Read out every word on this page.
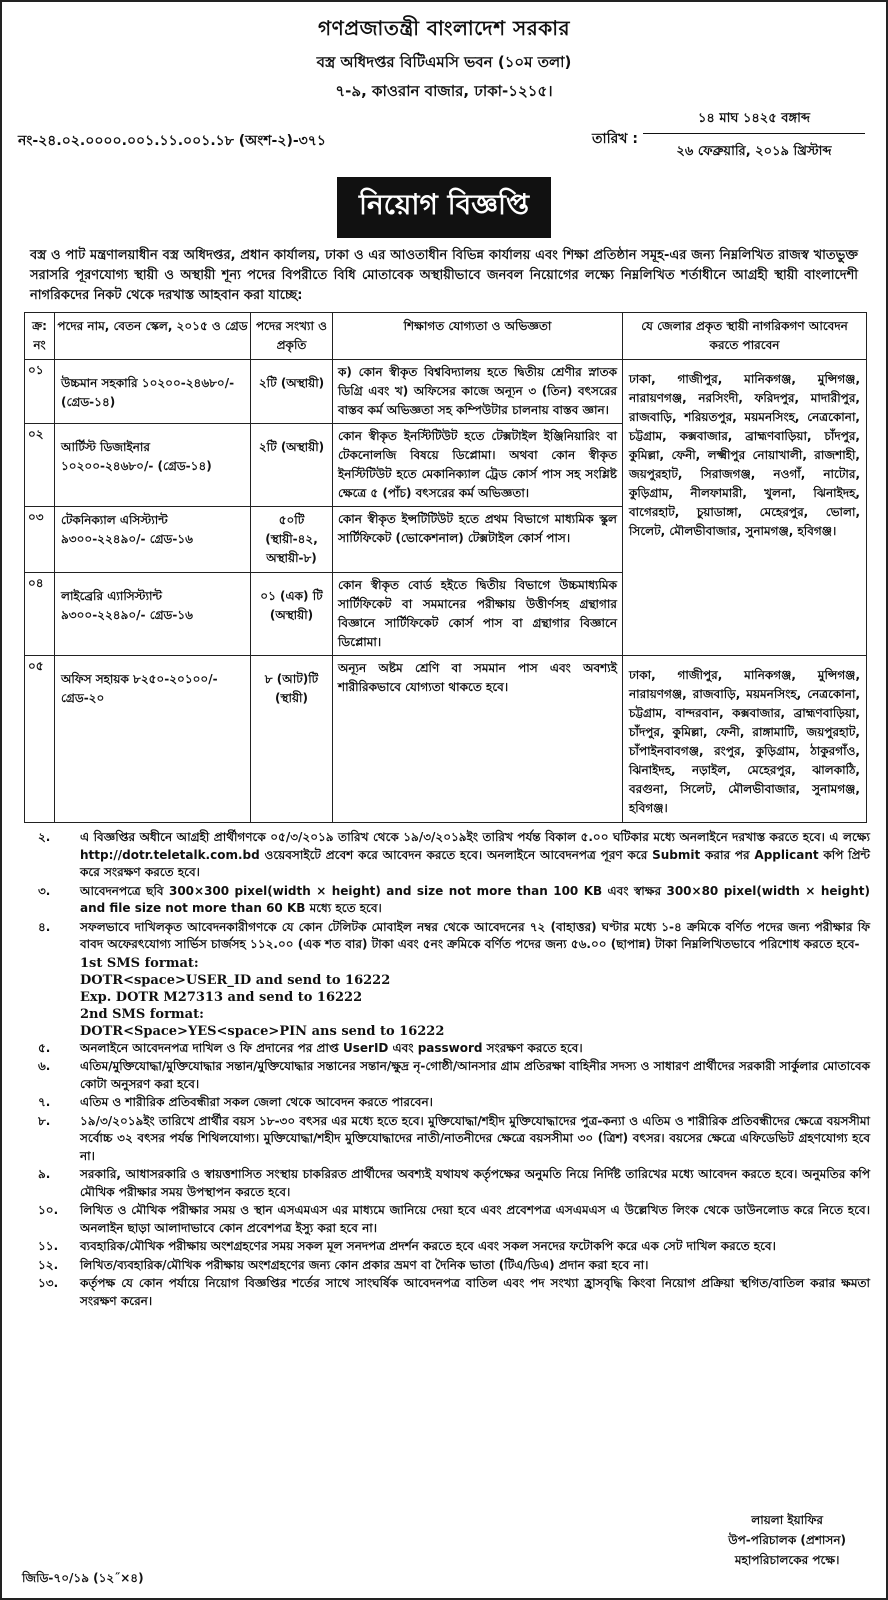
গণপ্রজাতন্ত্রী বাংলাদেশ সরকার
বস্ত্র অধিদপ্তর বিটিএমসি ভবন (১০ম তলা)
৭-৯, কাওরান বাজার, ঢাকা-১২১৫।
নং-২৪.০২.০০০০.০০১.১১.০০১.১৮ (অংশ-২)-৩৭১	তারিখ :
১৪ মাঘ ১৪২৫ বঙ্গাব্দ
২৬ ফেব্রুয়ারি, ২০১৯ খ্রিস্টাব্দ
নিয়োগ বিজ্ঞপ্তি
বস্ত্র ও পাট মন্ত্রণালয়াধীন বস্ত্র অধিদপ্তর, প্রধান কার্যালয়, ঢাকা ও এর আওতাধীন বিভিন্ন কার্যালয় এবং শিক্ষা প্রতিষ্ঠান সমূহ-এর জন্য নিম্নলিখিত রাজস্ব খাতভুক্ত সরাসরি পূরণযোগ্য স্থায়ী ও অস্থায়ী শূন্য পদের বিপরীতে বিধি মোতাবেক অস্থায়ীভাবে জনবল নিয়োগের লক্ষ্যে নিম্নলিখিত শর্তাধীনে আগ্রহী স্থায়ী বাংলাদেশী নাগরিকদের নিকট থেকে দরখাস্ত আহবান করা যাচ্ছে:
ক্র: নং	পদের নাম, বেতন স্কেল, ২০১৫ ও গ্রেড	পদের সংখ্যা ও প্রকৃতি	শিক্ষাগত যোগ্যতা ও অভিজ্ঞতা	যে জেলার প্রকৃত স্থায়ী নাগরিকগণ আবেদন করতে পারবেন
০১	উচ্চমান সহকারি ১০২০০-২৪৬৮০/- (গ্রেড-১৪)	২টি (অস্থায়ী)	ক) কোন স্বীকৃত বিশ্ববিদ্যালয় হতে দ্বিতীয় শ্রেণীর স্নাতক ডিগ্রি এবং খ) অফিসের কাজে অন্যূন ৩ (তিন) বৎসরের বাস্তব কর্ম অভিজ্ঞতা সহ কম্পিউটার চালনায় বাস্তব জ্ঞান।	ঢাকা, গাজীপুর, মানিকগঞ্জ, মুন্সিগঞ্জ, নারায়ণগঞ্জ, নরসিংদী, ফরিদপুর, মাদারীপুর, রাজবাড়ি, শরিয়তপুর, ময়মনসিংহ, নেত্রকোনা, চট্টগ্রাম, কক্সবাজার, ব্রাহ্মণবাড়িয়া, চাঁদপুর, কুমিল্লা, ফেনী, লক্ষ্মীপুর নোয়াখালী, রাজশাহী, জয়পুরহাট, সিরাজগঞ্জ, নওগাঁ, নাটোর, কুড়িগ্রাম, নীলফামারী, খুলনা, ঝিনাইদহ, বাগেরহাট, চুয়াডাঙ্গা, মেহেরপুর, ভোলা, সিলেট, মৌলভীবাজার, সুনামগঞ্জ, হবিগঞ্জ।
০২	আর্টিস্ট ডিজাইনার ১০২০০-২৪৬৮০/- (গ্রেড-১৪)	২টি (অস্থায়ী)	কোন স্বীকৃত ইনস্টিটিউট হতে টেক্সটাইল ইঞ্জিনিয়ারিং বা টেকনোলজি বিষয়ে ডিপ্লোমা। অথবা কোন স্বীকৃত ইনস্টিটিউট হতে মেকানিক্যাল ট্রেড কোর্স পাস সহ সংশ্লিষ্ট ক্ষেত্রে ৫ (পাঁচ) বৎসরের কর্ম অভিজ্ঞতা।	
০৩	টেকনিক্যাল এসিস্ট্যান্ট ৯৩০০-২২৪৯০/- গ্রেড-১৬	৫০টি (স্থায়ী-৪২, অস্থায়ী-৮)	কোন স্বীকৃত ইন্সটিটিউট হতে প্রথম বিভাগে মাধ্যমিক স্কুল সার্টিফিকেট (ভোকেশনাল) টেক্সটাইল কোর্স পাস।	
০৪	লাইব্রেরি এ্যাসিস্ট্যান্ট ৯৩০০-২২৪৯০/- গ্রেড-১৬	০১ (এক) টি (অস্থায়ী)	কোন স্বীকৃত বোর্ড হইতে দ্বিতীয় বিভাগে উচ্চমাধ্যমিক সার্টিফিকেট বা সমমানের পরীক্ষায় উত্তীর্ণসহ গ্রন্থাগার বিজ্ঞানে সার্টিফিকেট কোর্স পাস বা গ্রন্থাগার বিজ্ঞানে ডিপ্লোমা।	
০৫	অফিস সহায়ক ৮২৫০-২০১০০/- গ্রেড-২০	৮ (আট)টি (স্থায়ী)	অন্যূন অষ্টম শ্রেণি বা সমমান পাস এবং অবশ্যই শারীরিকভাবে যোগ্যতা থাকতে হবে।	ঢাকা, গাজীপুর, মানিকগঞ্জ, মুন্সিগঞ্জ, নারায়ণগঞ্জ, রাজবাড়ি, ময়মনসিংহ, নেত্রকোনা, চট্টগ্রাম, বান্দরবান, কক্সবাজার, ব্রাহ্মণবাড়িয়া, চাঁদপুর, কুমিল্লা, ফেনী, রাঙ্গামাটি, জয়পুরহাট, চাঁপাইনবাবগঞ্জ, রংপুর, কুড়িগ্রাম, ঠাকুরগাঁও, ঝিনাইদহ, নড়াইল, মেহেরপুর, ঝালকাঠি, বরগুনা, সিলেট, মৌলভীবাজার, সুনামগঞ্জ, হবিগঞ্জ।
২.	এ বিজ্ঞপ্তির অধীনে আগ্রহী প্রার্থীগণকে ০৫/৩/২০১৯ তারিখ থেকে ১৯/৩/২০১৯ইং তারিখ পর্যন্ত বিকাল ৫.০০ ঘটিকার মধ্যে অনলাইনে দরখাস্ত করতে হবে। এ লক্ষ্যে http://dotr.teletalk.com.bd ওয়েবসাইটে প্রবেশ করে আবেদন করতে হবে। অনলাইনে আবেদনপত্র পূরণ করে Submit করার পর Applicant কপি প্রিন্ট করে সংরক্ষণ করতে হবে।
৩.	আবেদনপত্রে ছবি 300×300 pixel(width × height) and size not more than 100 KB এবং স্বাক্ষর 300×80 pixel(width × height) and file size not more than 60 KB মধ্যে হতে হবে।
৪.	সফলভাবে দাখিলকৃত আবেদনকারীগণকে যে কোন টেলিটক মোবাইল নম্বর থেকে আবেদনের ৭২ (বাহাত্তর) ঘণ্টার মধ্যে ১-৪ ক্রমিকে বর্ণিত পদের জন্য পরীক্ষার ফি বাবদ অফেরৎযোগ্য সার্ভিস চার্জসহ ১১২.০০ (এক শত বার) টাকা এবং ৫নং ক্রমিকে বর্ণিত পদের জন্য ৫৬.০০ (ছাপান্ন) টাকা নিম্নলিখিতভাবে পরিশোধ করতে হবে-
1st SMS format:
DOTR<space>USER_ID and send to 16222
Exp. DOTR M27313 and send to 16222
2nd SMS format:
DOTR<Space>YES<space>PIN ans send to 16222
৫.	অনলাইনে আবেদনপত্র দাখিল ও ফি প্রদানের পর প্রাপ্ত UserID এবং password সংরক্ষণ করতে হবে।
৬.	এতিম/মুক্তিযোদ্ধা/মুক্তিযোদ্ধার সন্তান/মুক্তিযোদ্ধার সন্তানের সন্তান/ক্ষুদ্র নৃ-গোষ্ঠী/আনসার গ্রাম প্রতিরক্ষা বাহিনীর সদস্য ও সাধারণ প্রার্থীদের সরকারী সার্কুলার মোতাবেক কোটা অনুসরণ করা হবে।
৭.	এতিম ও শারীরিক প্রতিবন্ধীরা সকল জেলা থেকে আবেদন করতে পারবেন।
৮.	১৯/৩/২০১৯ইং তারিখে প্রার্থীর বয়স ১৮-৩০ বৎসর এর মধ্যে হতে হবে। মুক্তিযোদ্ধা/শহীদ মুক্তিযোদ্ধাদের পুত্র-কন্যা ও এতিম ও শারীরিক প্রতিবন্ধীদের ক্ষেত্রে বয়সসীমা সর্বোচ্চ ৩২ বৎসর পর্যন্ত শিথিলযোগ্য। মুক্তিযোদ্ধা/শহীদ মুক্তিযোদ্ধাদের নাতী/নাতনীদের ক্ষেত্রে বয়সসীমা ৩০ (ত্রিশ) বৎসর। বয়সের ক্ষেত্রে এফিডেভিট গ্রহণযোগ্য হবে না।
৯.	সরকারি, আধাসরকারি ও স্বায়ত্তশাসিত সংস্থায় চাকরিরত প্রার্থীদের অবশ্যই যথাযথ কর্তৃপক্ষের অনুমতি নিয়ে নির্দিষ্ট তারিখের মধ্যে আবেদন করতে হবে। অনুমতির কপি মৌখিক পরীক্ষার সময় উপস্থাপন করতে হবে।
১০.	লিখিত ও মৌখিক পরীক্ষার সময় ও স্থান এসএমএস এর মাধ্যমে জানিয়ে দেয়া হবে এবং প্রবেশপত্র এসএমএস এ উল্লেখিত লিংক থেকে ডাউনলোড করে নিতে হবে। অনলাইন ছাড়া আলাদাভাবে কোন প্রবেশপত্র ইস্যু করা হবে না।
১১.	ব্যবহারিক/মৌখিক পরীক্ষায় অংশগ্রহণের সময় সকল মূল সনদপত্র প্রদর্শন করতে হবে এবং সকল সনদের ফটোকপি করে এক সেট দাখিল করতে হবে।
১২.	লিখিত/ব্যবহারিক/মৌখিক পরীক্ষায় অংশগ্রহণের জন্য কোন প্রকার ভ্রমণ বা দৈনিক ভাতা (টিএ/ডিএ) প্রদান করা হবে না।
১৩.	কর্তৃপক্ষ যে কোন পর্যায়ে নিয়োগ বিজ্ঞপ্তির শর্তের সাথে সাংঘর্ষিক আবেদনপত্র বাতিল এবং পদ সংখ্যা হ্রাসবৃদ্ধি কিংবা নিয়োগ প্রক্রিয়া স্থগিত/বাতিল করার ক্ষমতা সংরক্ষণ করেন।
লায়লা ইয়াফির
উপ-পরিচালক (প্রশাসন)
মহাপরিচালকের পক্ষে।
জিডি-৭০/১৯ (১২˝×৪)
